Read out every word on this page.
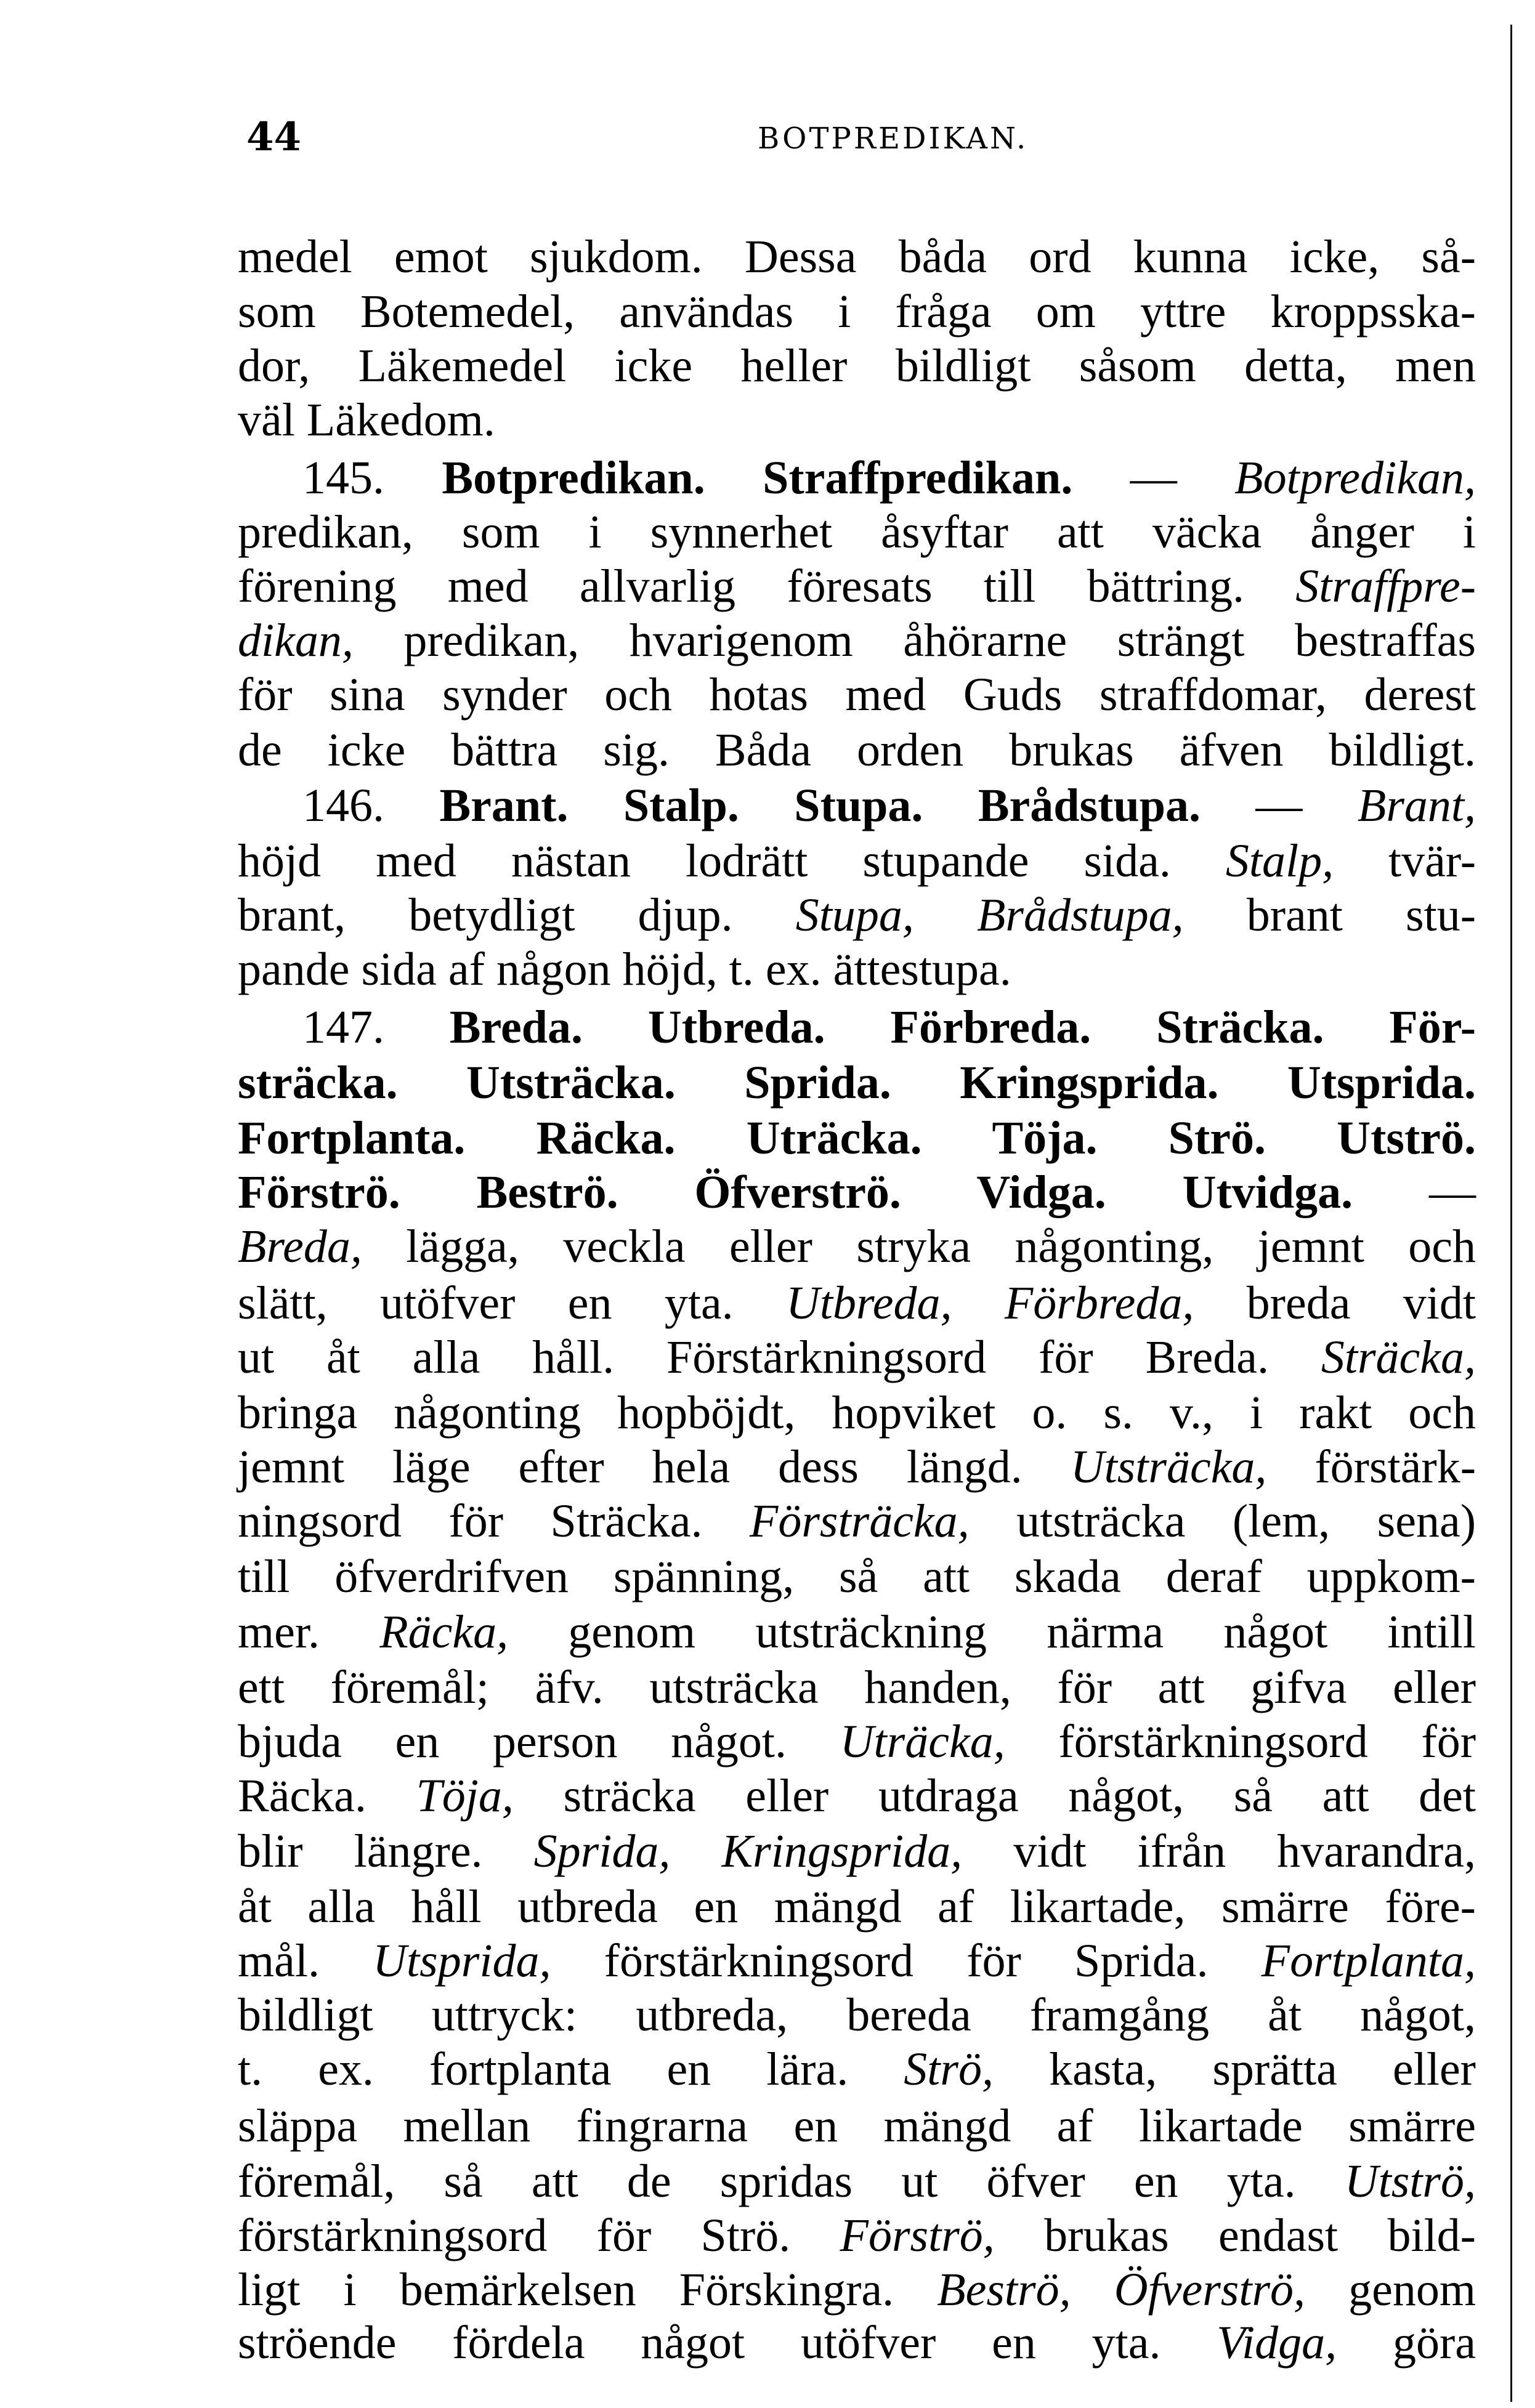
44	BOTPREDIKAN.
medel emot sjukdom. Dessa båda ord kunna icke, så-
som Botemedel, användas i fråga om yttre kroppsska-
dor, Läkemedel icke heller bildligt såsom detta, men
väl Läkedom.
145. Botpredikan. Straffpredikan. — Botpredikan,
predikan, som i synnerhet åsyftar att väcka ånger i
förening med allvarlig föresats till bättring. Straffpre-
dikan, predikan, hvarigenom åhörarne strängt bestraffas
för sina synder och hotas med Guds straffdomar, derest
de icke bättra sig. Båda orden brukas äfven bildligt.
146. Brant. Stalp. Stupa. Brådstupa. — Brant,
höjd med nästan lodrätt stupande sida. Stalp, tvär-
brant, betydligt djup. Stupa, Brådstupa, brant stu-
pande sida af någon höjd, t. ex. ättestupa.
147. Breda. Utbreda. Förbreda. Sträcka. För-
sträcka. Utsträcka. Sprida. Kringsprida. Utsprida.
Fortplanta. Räcka. Uträcka. Töja. Strö. Utströ.
Förströ. Beströ. Öfverströ. Vidga. Utvidga. —
Breda, lägga, veckla eller stryka någonting, jemnt och
slätt, utöfver en yta. Utbreda, Förbreda, breda vidt
ut åt alla håll. Förstärkningsord för Breda. Sträcka,
bringa någonting hopböjdt, hopviket o. s. v., i rakt och
jemnt läge efter hela dess längd. Utsträcka, förstärk-
ningsord för Sträcka. Försträcka, utsträcka (lem, sena)
till öfverdrifven spänning, så att skada deraf uppkom-
mer. Räcka, genom utsträckning närma något intill
ett föremål; äfv. utsträcka handen, för att gifva eller
bjuda en person något. Uträcka, förstärkningsord för
Räcka. Töja, sträcka eller utdraga något, så att det
blir längre. Sprida, Kringsprida, vidt ifrån hvarandra,
åt alla håll utbreda en mängd af likartade, smärre före-
mål. Utsprida, förstärkningsord för Sprida. Fortplanta,
bildligt uttryck: utbreda, bereda framgång åt något,
t. ex. fortplanta en lära. Strö, kasta, sprätta eller
släppa mellan fingrarna en mängd af likartade smärre
föremål, så att de spridas ut öfver en yta. Utströ,
förstärkningsord för Strö. Förströ, brukas endast bild-
ligt i bemärkelsen Förskingra. Beströ, Öfverströ, genom
ströende fördela något utöfver en yta. Vidga, göra
